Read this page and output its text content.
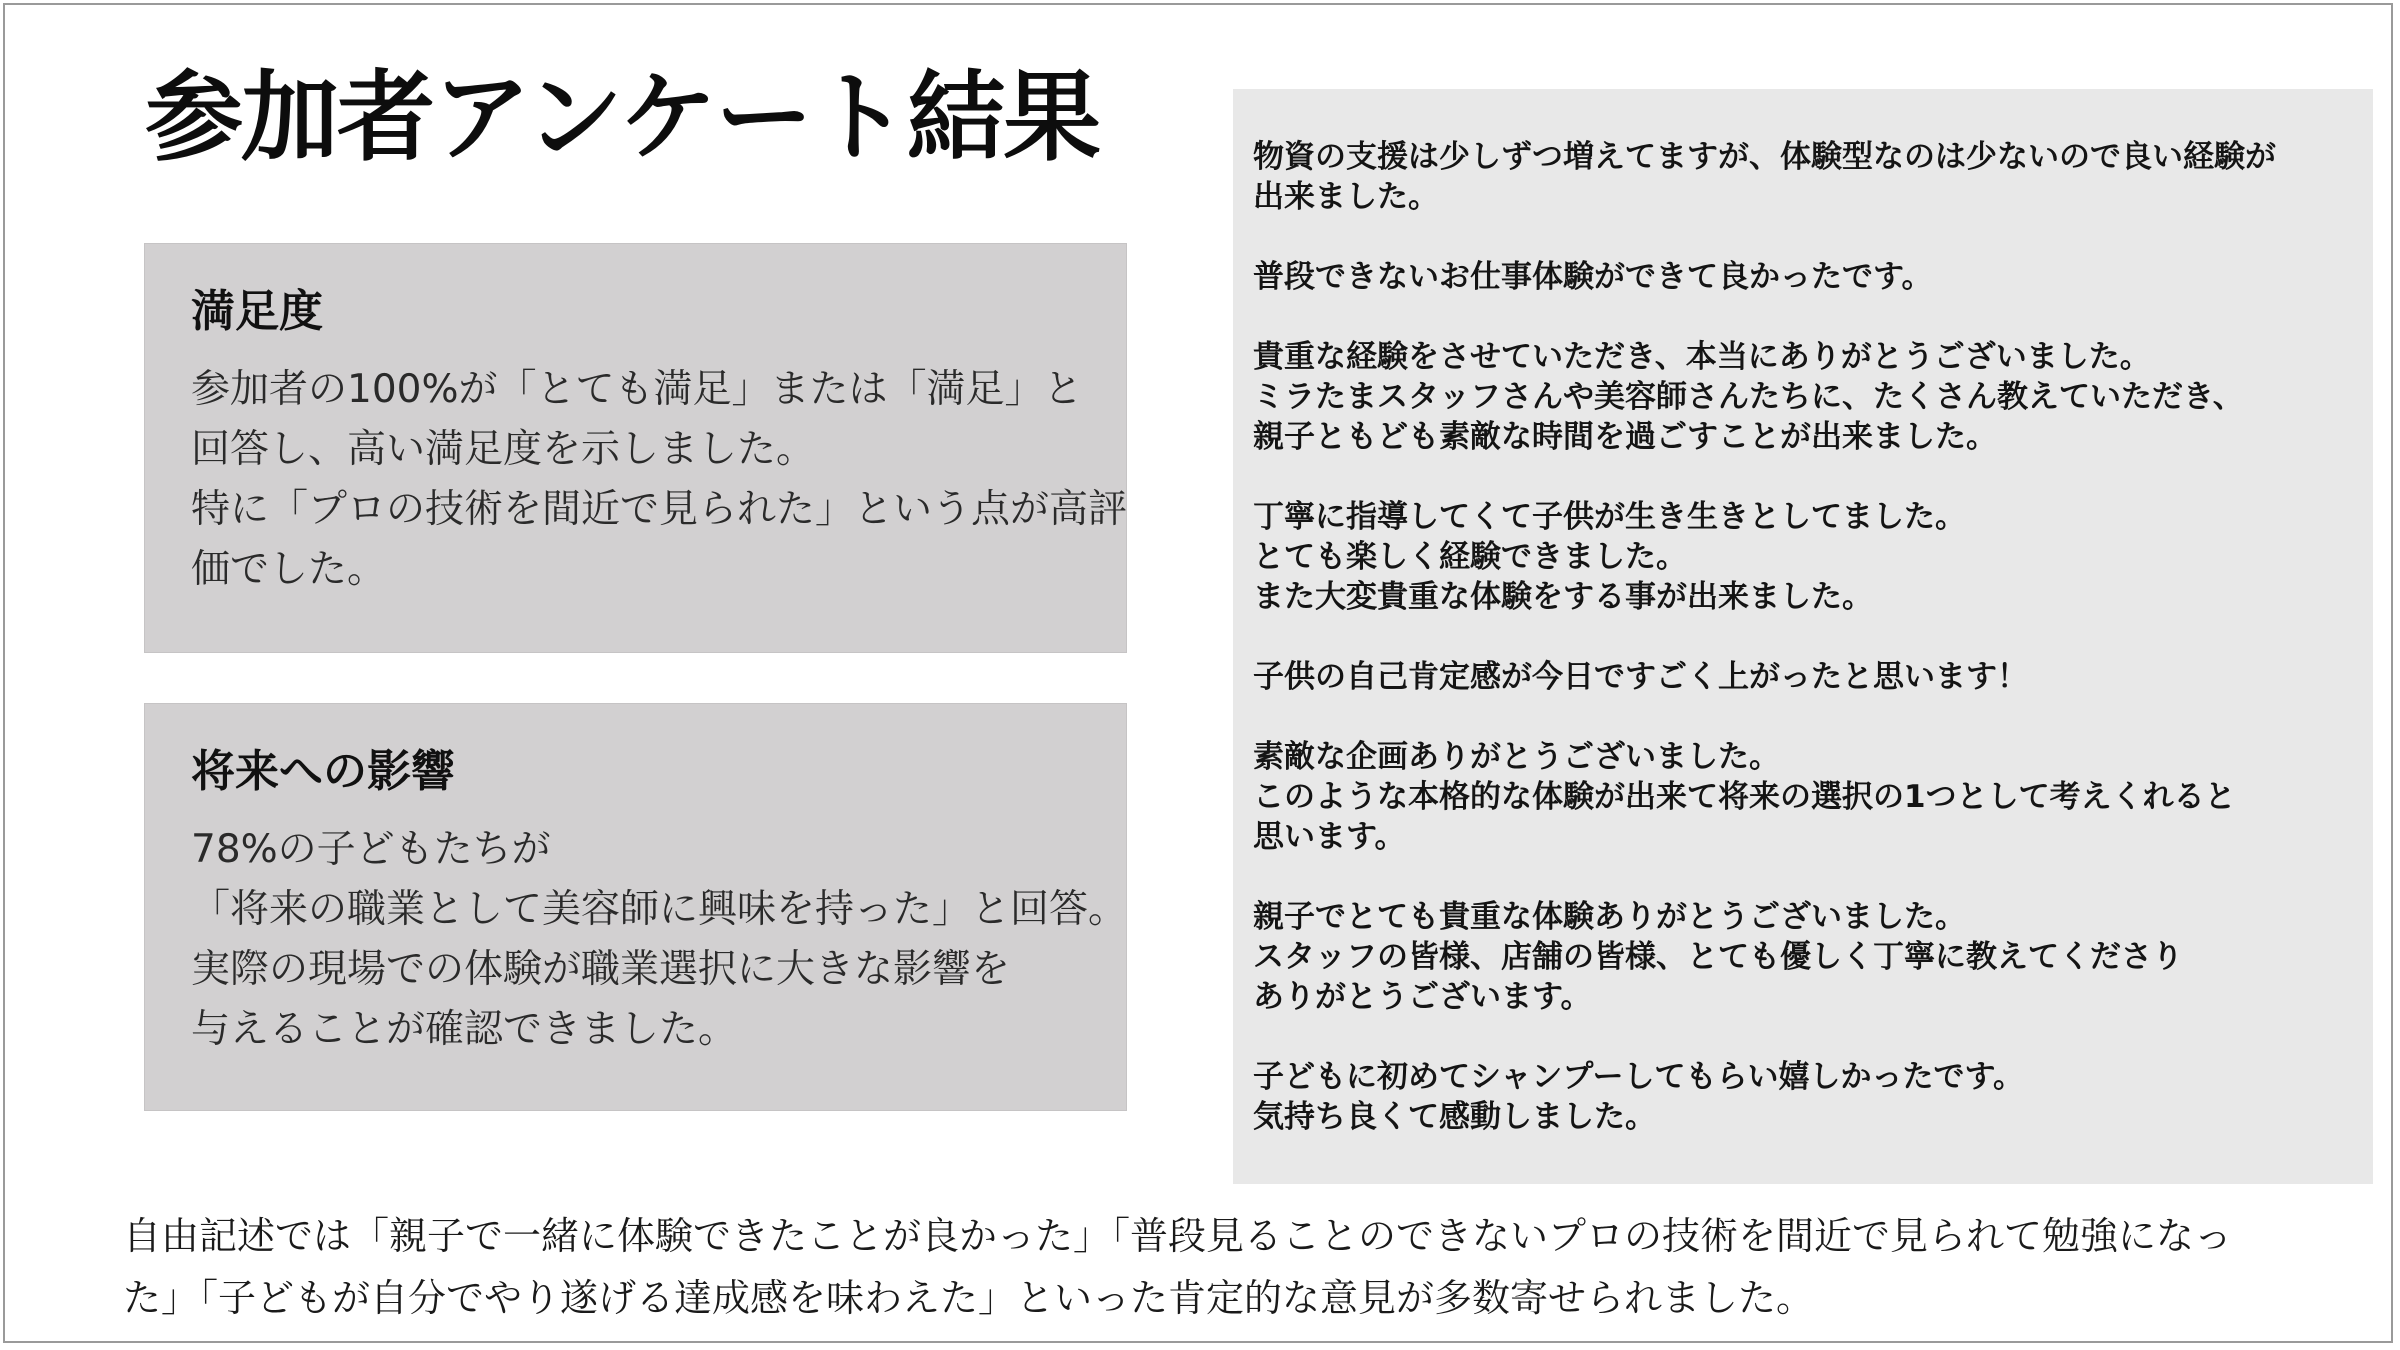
参加者アンケート結果
満足度
参加者の100%が「とても満足」または「満足」と
回答し、高い満足度を示しました。
特に「プロの技術を間近で見られた」という点が高評
価でした。
将来への影響
78%の子どもたちが
「将来の職業として美容師に興味を持った」と回答。
実際の現場での体験が職業選択に大きな影響を
与えることが確認できました。
物資の支援は少しずつ増えてますが、体験型なのは少ないので良い経験が
出来ました。
普段できないお仕事体験ができて良かったです。
貴重な経験をさせていただき、本当にありがとうございました。
ミラたまスタッフさんや美容師さんたちに、たくさん教えていただき、
親子ともども素敵な時間を過ごすことが出来ました。
丁寧に指導してくて子供が生き生きとしてました。
とても楽しく経験できました。
また大変貴重な体験をする事が出来ました。
子供の自己肯定感が今日ですごく上がったと思います！
素敵な企画ありがとうございました。
このような本格的な体験が出来て将来の選択の1つとして考えくれると
思います。
親子でとても貴重な体験ありがとうございました。
スタッフの皆様、店舗の皆様、とても優しく丁寧に教えてくださり
ありがとうございます。
子どもに初めてシャンプーしてもらい嬉しかったです。
気持ち良くて感動しました。
自由記述では「親子で一緒に体験できたことが良かった」「普段見ることのできないプロの技術を間近で見られて勉強になっ
た」「子どもが自分でやり遂げる達成感を味わえた」といった肯定的な意見が多数寄せられました。
